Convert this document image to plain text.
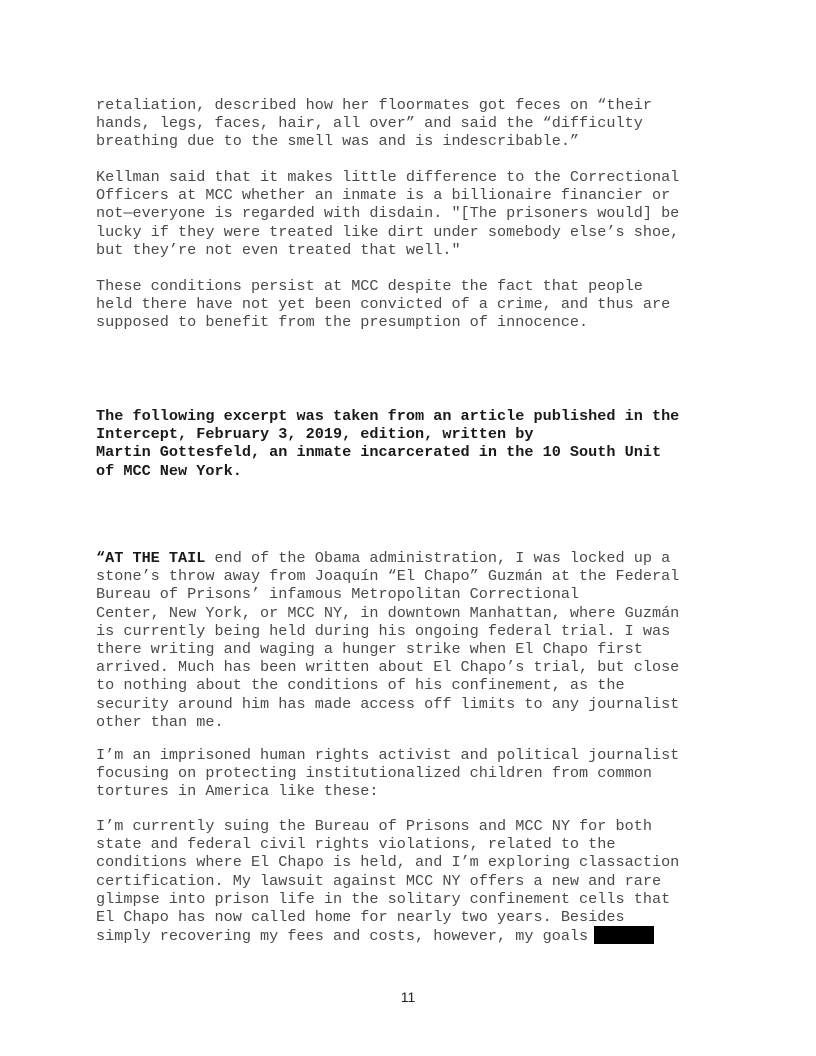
retaliation, described how her floormates got feces on “their
hands, legs, faces, hair, all over” and said the “difficulty
breathing due to the smell was and is indescribable.”

Kellman said that it makes little difference to the Correctional
Officers at MCC whether an inmate is a billionaire financier or
not—everyone is regarded with disdain. "[The prisoners would] be
lucky if they were treated like dirt under somebody else’s shoe,
but they’re not even treated that well."

These conditions persist at MCC despite the fact that people
held there have not yet been convicted of a crime, and thus are
supposed to benefit from the presumption of innocence.

The following excerpt was taken from an article published in the
Intercept, February 3, 2019, edition, written by
Martin Gottesfeld, an inmate incarcerated in the 10 South Unit
of MCC New York.

“AT THE TAIL end of the Obama administration, I was locked up a
stone’s throw away from Joaquín “El Chapo” Guzmán at the Federal
Bureau of Prisons’ infamous Metropolitan Correctional
Center, New York, or MCC NY, in downtown Manhattan, where Guzmán
is currently being held during his ongoing federal trial. I was
there writing and waging a hunger strike when El Chapo first
arrived. Much has been written about El Chapo’s trial, but close
to nothing about the conditions of his confinement, as the
security around him has made access off limits to any journalist
other than me.

I’m an imprisoned human rights activist and political journalist
focusing on protecting institutionalized children from common
tortures in America like these:

I’m currently suing the Bureau of Prisons and MCC NY for both
state and federal civil rights violations, related to the
conditions where El Chapo is held, and I’m exploring classaction
certification. My lawsuit against MCC NY offers a new and rare
glimpse into prison life in the solitary confinement cells that
El Chapo has now called home for nearly two years. Besides
simply recovering my fees and costs, however, my goals

11
